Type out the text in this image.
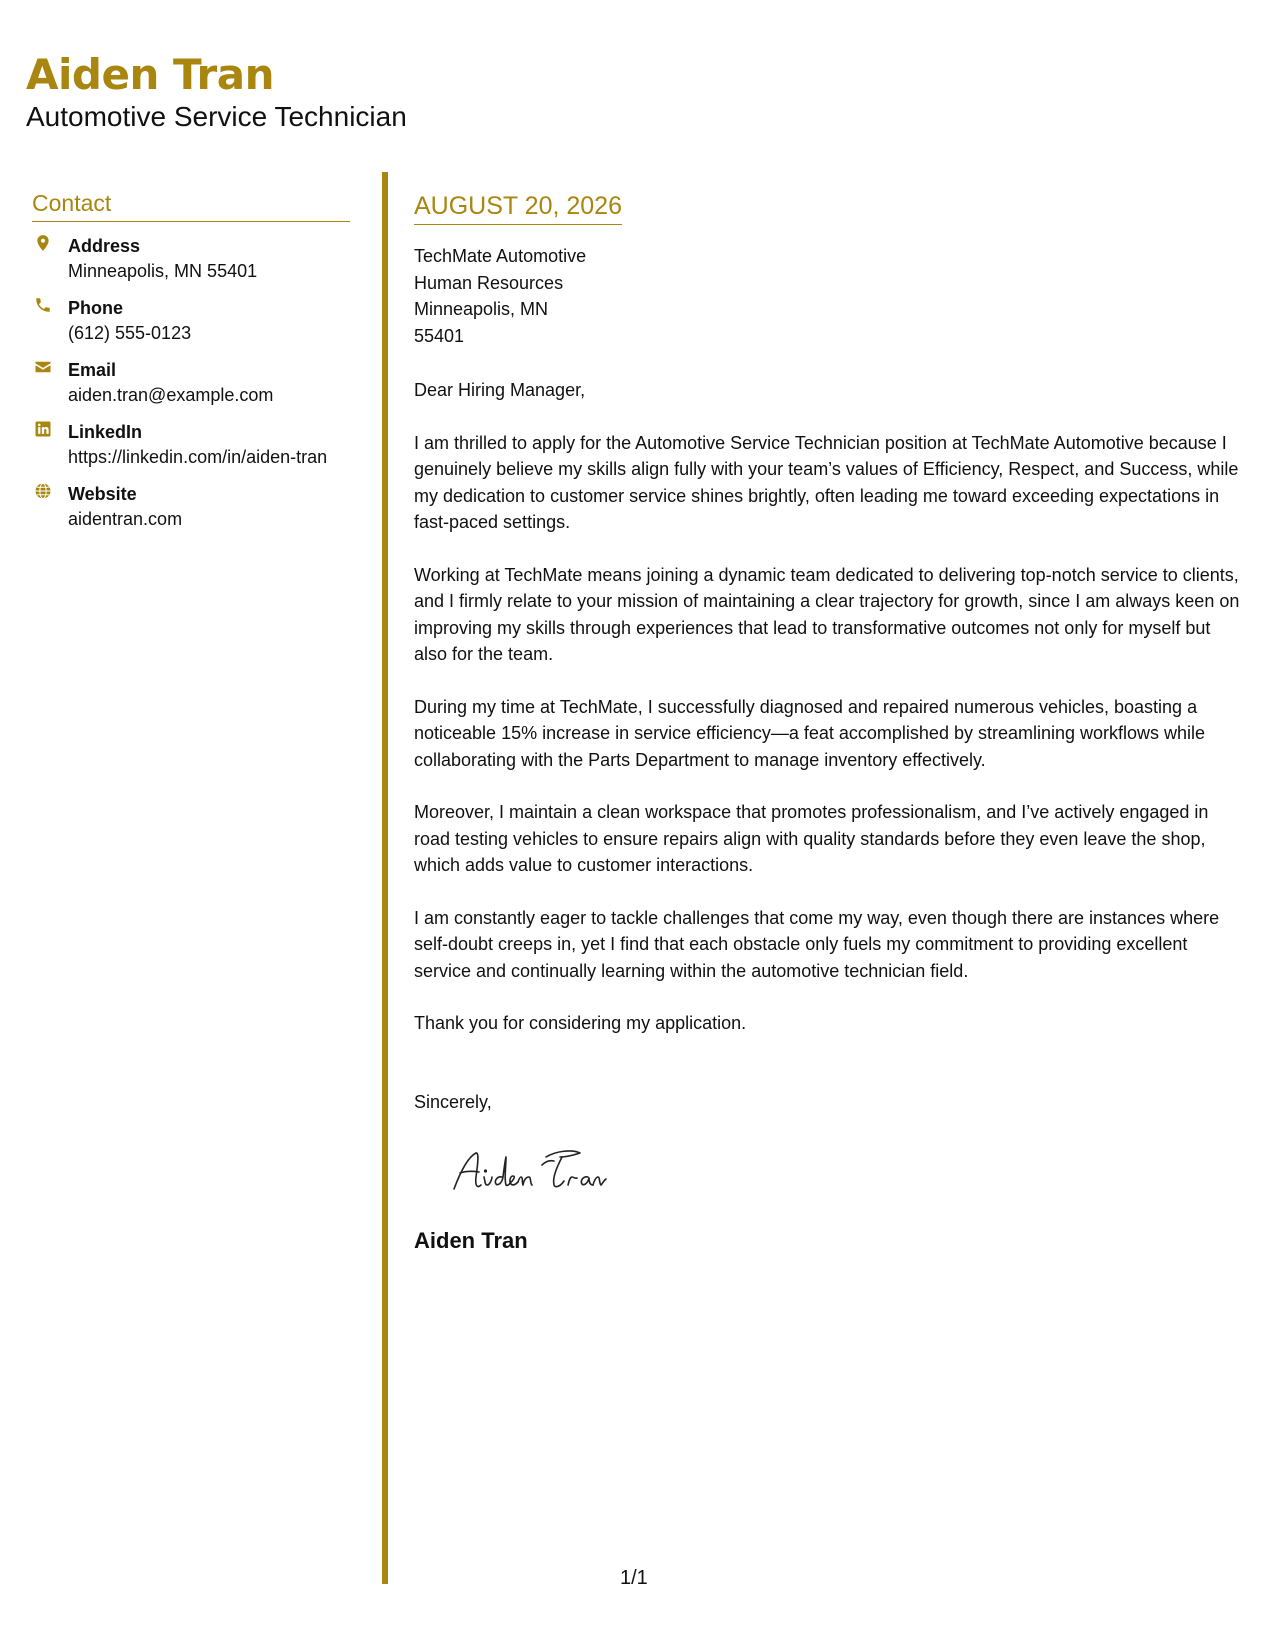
Aiden Tran
Automotive Service Technician
Contact
Address
Minneapolis, MN 55401
Phone
(612) 555-0123
Email
aiden.tran@example.com
LinkedIn
https://linkedin.com/in/aiden-tran
Website
aidentran.com
AUGUST 20, 2026
TechMate Automotive
Human Resources
Minneapolis, MN
55401
Dear Hiring Manager,

I am thrilled to apply for the Automotive Service Technician position at TechMate Automotive because I genuinely believe my skills align fully with your team’s values of Efficiency, Respect, and Success, while my dedication to customer service shines brightly, often leading me toward exceeding expectations in fast-paced settings.

Working at TechMate means joining a dynamic team dedicated to delivering top-notch service to clients, and I firmly relate to your mission of maintaining a clear trajectory for growth, since I am always keen on improving my skills through experiences that lead to transformative outcomes not only for myself but also for the team.

During my time at TechMate, I successfully diagnosed and repaired numerous vehicles, boasting a noticeable 15% increase in service efficiency—a feat accomplished by streamlining workflows while collaborating with the Parts Department to manage inventory effectively.

Moreover, I maintain a clean workspace that promotes professionalism, and I’ve actively engaged in road testing vehicles to ensure repairs align with quality standards before they even leave the shop, which adds value to customer interactions.

I am constantly eager to tackle challenges that come my way, even though there are instances where self-doubt creeps in, yet I find that each obstacle only fuels my commitment to providing excellent service and continually learning within the automotive technician field.

Thank you for considering my application.

Sincerely,
Aiden Tran
1/1
